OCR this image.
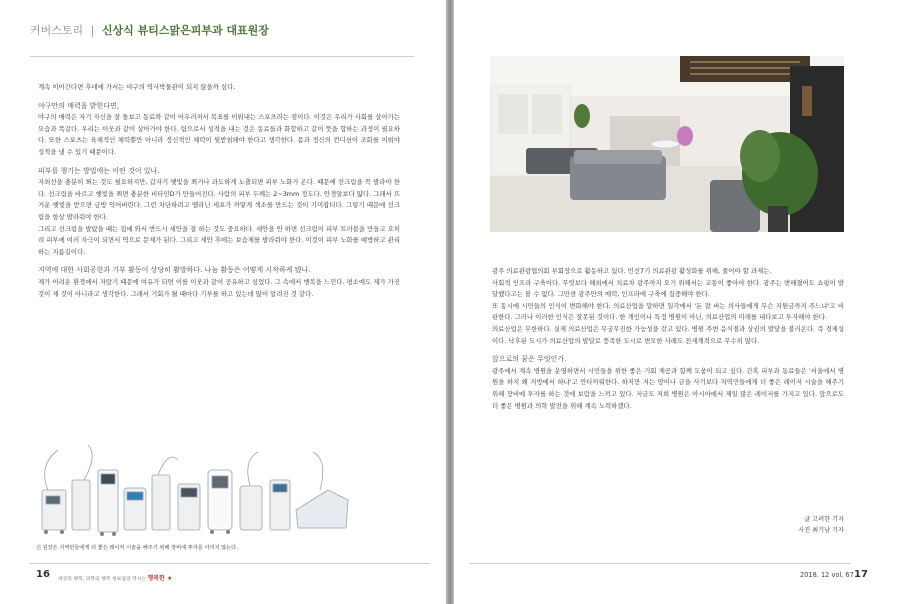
커버스토리 | 신상식 뷰티스맑은피부과 대표원장

계속 이어간다면 후대에 가서는 야구의 역사박물관이 되지 않을까 싶다.

야구만의 매력을 밝힌다면,

야구의 매력은 자기 자신을 잘 돌보고 동료와 같이 어우러져서 목표를 이뤄내는 스포츠라는 점이다. 이것은 우리가 사회를 살아가는 모습과 똑같다. 우리는 이웃과 같이 살아가야 한다. 팀으로서 성적을 내는 것은 동료들과 화합하고 같이 뜻을 합하는 과정이 필요하다. 또한 스포츠는 육체적인 체력뿐만 아니라 정신적인 체력이 뒷받침돼야 한다고 생각한다. 몸과 정신의 컨디션이 조화를 이뤄야 성적을 낼 수 있기 때문이다.

피부를 챙기는 방법에는 어떤 것이 있나.

자외선을 충분히 쬐는 것도 필요하지만, 갑자기 햇빛을 쬐거나 과도하게 노출되면 피부 노화가 온다. 때문에 선크림을 꼭 발라야 한다. 선크림을 바르고 햇빛을 쬐면 충분한 비타민D가 만들어진다. 사람의 피부 두께는 2~3mm 정도다. 안경알보다 얇다. 그래서 뜨거운 햇빛을 받으면 금방 익어버린다. 그런 차단하려고 멜라닌 세포가 까맣게 색소를 만드는 것이 기미잡티다. 그렇기 때문에 선크림을 항상 발라줘야 한다.

그리고 선크림을 발랐을 때는 집에 와서 반드시 세안을 잘 하는 것도 중요하다. 세안을 안 하면 선크림이 피부 트러블을 만들고 오히려 피부에 여러 자극이 되면서 역으로 문제가 된다. 그리고 세안 후에는 보습제를 발라줘야 한다. 이것이 피부 노화를 예방하고 관리하는 지름길이다.

지역에 대한 사회공헌과 기부 활동이 상당히 활발하다. 나눔 활동은 어떻게 시작하게 됐나.

제가 어려운 환경에서 자랐기 때문에 여유가 되면 이를 이웃과 같이 공유하고 싶었다. 그 속에서 행복을 느낀다. 평소에도 제가 가진 것이 제 것이 아니라고 생각한다. 그래서 기회가 될 때마다 기부를 하고 있는데 많이 알려진 것 같다.

신 원장은 지역민들에게 더 좋은 레이저 시술을 해주기 위해 장비에 투자를 아끼지 않는다.
16 세상의 행복, 의학의 행복 청보업의 역사는 행복한 ★

광주 의료관광협의회 부회장으로 활동하고 있다. 민선7기 의료관광 활성화를 위해, 풀어야 할 과제는.

사회적 인프라 구축이다. 무엇보다 해외에서 치료차 광주까지 오기 위해서는 교통이 좋아야 한다. 광주는 변해졌어도 쇼핑이 발달했다고는 볼 수 없다. 그만큼 광주만의 매력, 인프라에 구축에 집중해야 한다.

또 동시에 시민들의 인식이 변화해야 한다. 의료산업을 말하면 일각에서 '돈 잘 버는 의사들에게 무슨 지원금까지 주느냐'고 비판한다. 그러나 이러한 인식은 잘못된 것이다. 한 개인이나 특정 병원이 아닌, 의료산업의 미래를 내다보고 투자해야 한다.

의료산업은 무한하다. 실제 의료산업은 무궁무진한 가능성을 갖고 있다. 병원 주변 음식점과 상권의 발달을 불러온다. 즉 경제성이다. 낙후된 도시가 의료산업의 발달로 풍족한 도시로 변모한 사례도 전세계적으로 무수히 많다.

앞으로의 꿈은 무엇인가.

광주에서 계속 병원을 운영하면서 시민들을 위한 좋은 기회 제공과 함께 도움이 되고 싶다. 간혹 피부과 동료들은 '서울에서 병원을 하지 왜 지방에서 하냐'고 안타까워한다. 하지만 저는 땅이나 금을 사기보다 지역민들에게 더 좋은 레이저 시술을 해주기 위해 장비에 투자를 하는 것에 보람을 느끼고 있다. 지금도 저희 병원은 아시아에서 제일 많은 레이저를 가지고 있다. 앞으로도 더 좋은 병원과 의학 발전을 위해 계속 노력하겠다.

글 고려한 기자
사진 최기남 기자
2018. 12 vol. 67 17
